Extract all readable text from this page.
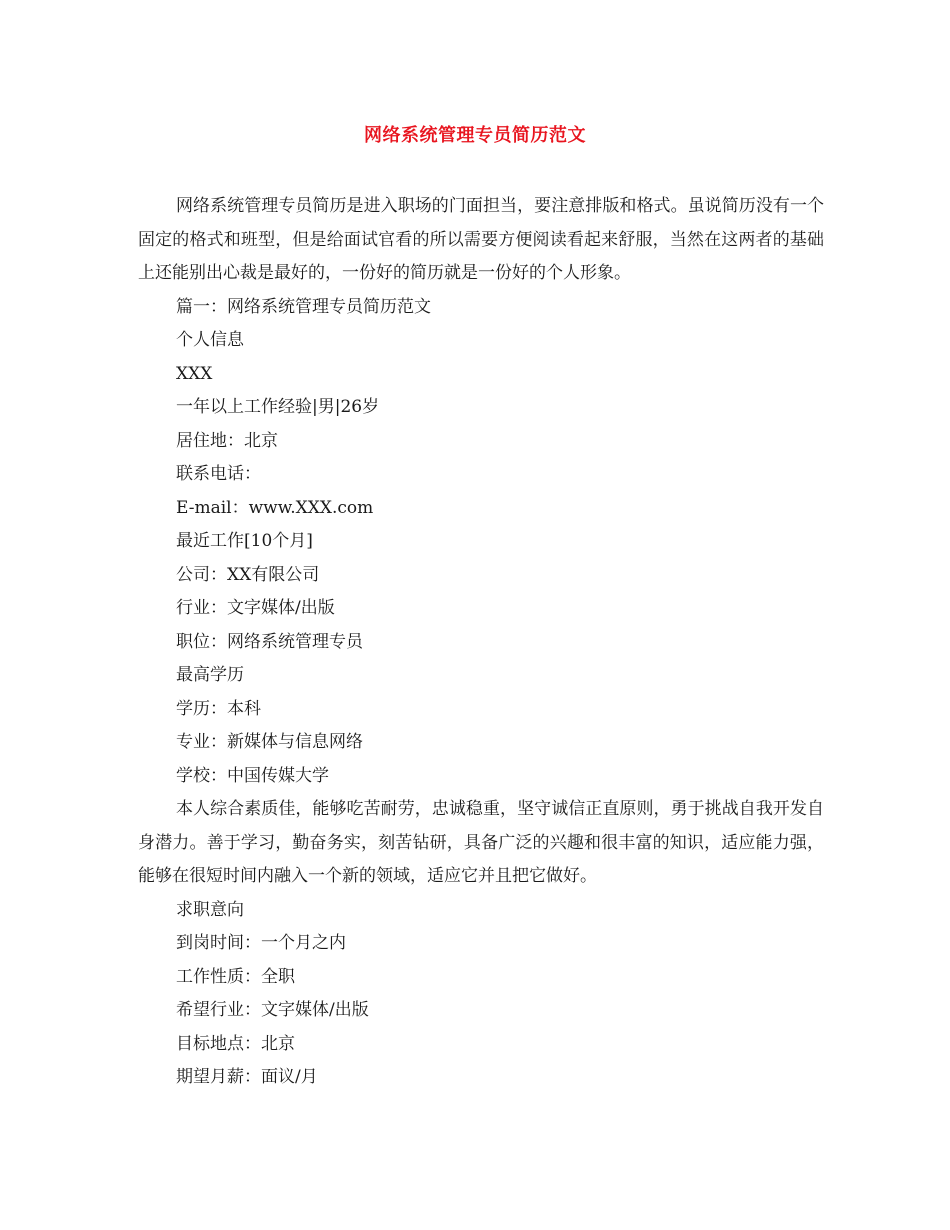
网络系统管理专员简历范文

网络系统管理专员简历是进入职场的门面担当，要注意排版和格式。虽说简历没有一个固定的格式和班型，但是给面试官看的所以需要方便阅读看起来舒服，当然在这两者的基础上还能别出心裁是最好的，一份好的简历就是一份好的个人形象。

篇一：网络系统管理专员简历范文

个人信息

XXX

一年以上工作经验|男|26岁

居住地：北京

联系电话：

E-mail：www.XXX.com

最近工作[10个月]

公司：XX有限公司

行业：文字媒体/出版

职位：网络系统管理专员

最高学历

学历：本科

专业：新媒体与信息网络

学校：中国传媒大学

本人综合素质佳，能够吃苦耐劳，忠诚稳重，坚守诚信正直原则，勇于挑战自我开发自身潜力。善于学习，勤奋务实，刻苦钻研，具备广泛的兴趣和很丰富的知识，适应能力强，能够在很短时间内融入一个新的领域，适应它并且把它做好。

求职意向

到岗时间：一个月之内

工作性质：全职

希望行业：文字媒体/出版

目标地点：北京

期望月薪：面议/月
